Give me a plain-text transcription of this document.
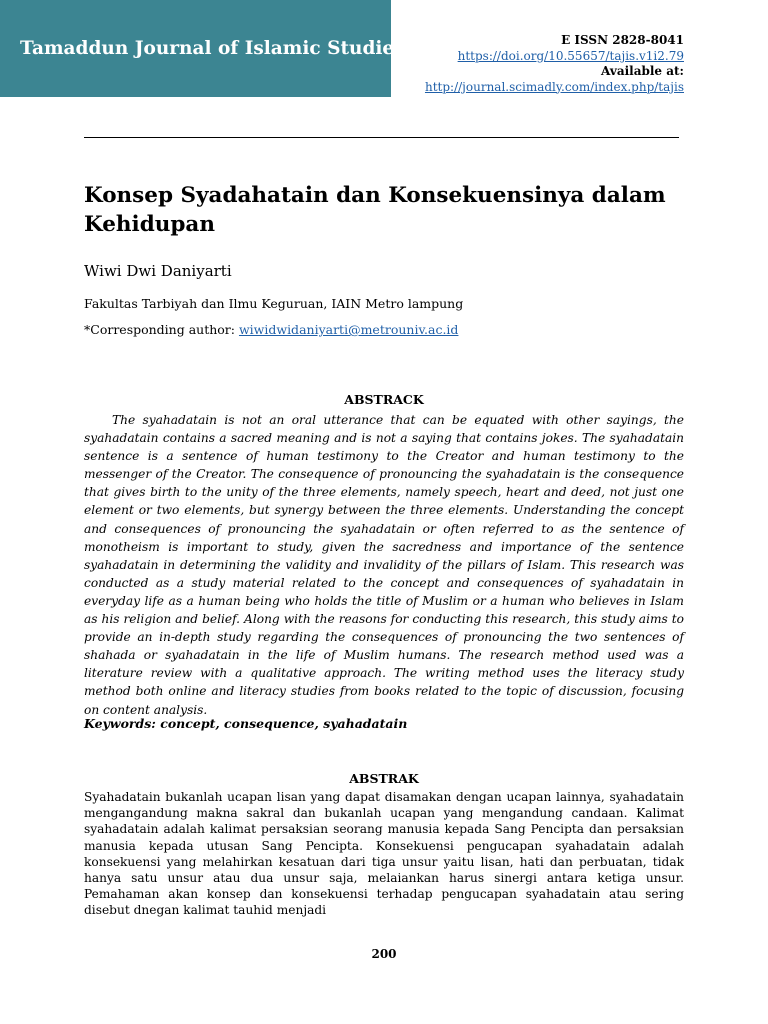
Tamaddun Journal of Islamic Studies	E ISSN 2828-8041
https://doi.org/10.55657/tajis.v1i2.79
Available at:
http://journal.scimadly.com/index.php/tajis
Konsep Syadahatain dan Konsekuensinya dalam Kehidupan
Wiwi Dwi Daniyarti
Fakultas Tarbiyah dan Ilmu Keguruan, IAIN Metro lampung
*Corresponding author: wiwidwidaniyarti@metrouniv.ac.id
ABSTRACK

The syahadatain is not an oral utterance that can be equated with other sayings, the syahadatain contains a sacred meaning and is not a saying that contains jokes. The syahadatain sentence is a sentence of human testimony to the Creator and human testimony to the messenger of the Creator. The consequence of pronouncing the syahadatain is the consequence that gives birth to the unity of the three elements, namely speech, heart and deed, not just one element or two elements, but synergy between the three elements. Understanding the concept and consequences of pronouncing the syahadatain or often referred to as the sentence of monotheism is important to study, given the sacredness and importance of the sentence syahadatain in determining the validity and invalidity of the pillars of Islam. This research was conducted as a study material related to the concept and consequences of syahadatain in everyday life as a human being who holds the title of Muslim or a human who believes in Islam as his religion and belief. Along with the reasons for conducting this research, this study aims to provide an in-depth study regarding the consequences of pronouncing the two sentences of shahada or syahadatain in the life of Muslim humans. The research method used was a literature review with a qualitative approach. The writing method uses the literacy study method both online and literacy studies from books related to the topic of discussion, focusing on content analysis.

Keywords: concept, consequence, syahadatain
ABSTRAK

Syahadatain bukanlah ucapan lisan yang dapat disamakan dengan ucapan lainnya, syahadatain mengangandung makna sakral dan bukanlah ucapan yang mengandung candaan. Kalimat syahadatain adalah kalimat persaksian seorang manusia kepada Sang Pencipta dan persaksian manusia kepada utusan Sang Pencipta. Konsekuensi pengucapan syahadatain adalah konsekuensi yang melahirkan kesatuan dari tiga unsur yaitu lisan, hati dan perbuatan, tidak hanya satu unsur atau dua unsur saja, melaiankan harus sinergi antara ketiga unsur. Pemahaman akan konsep dan konsekuensi terhadap pengucapan syahadatain atau sering disebut dnegan kalimat tauhid menjadi

200
